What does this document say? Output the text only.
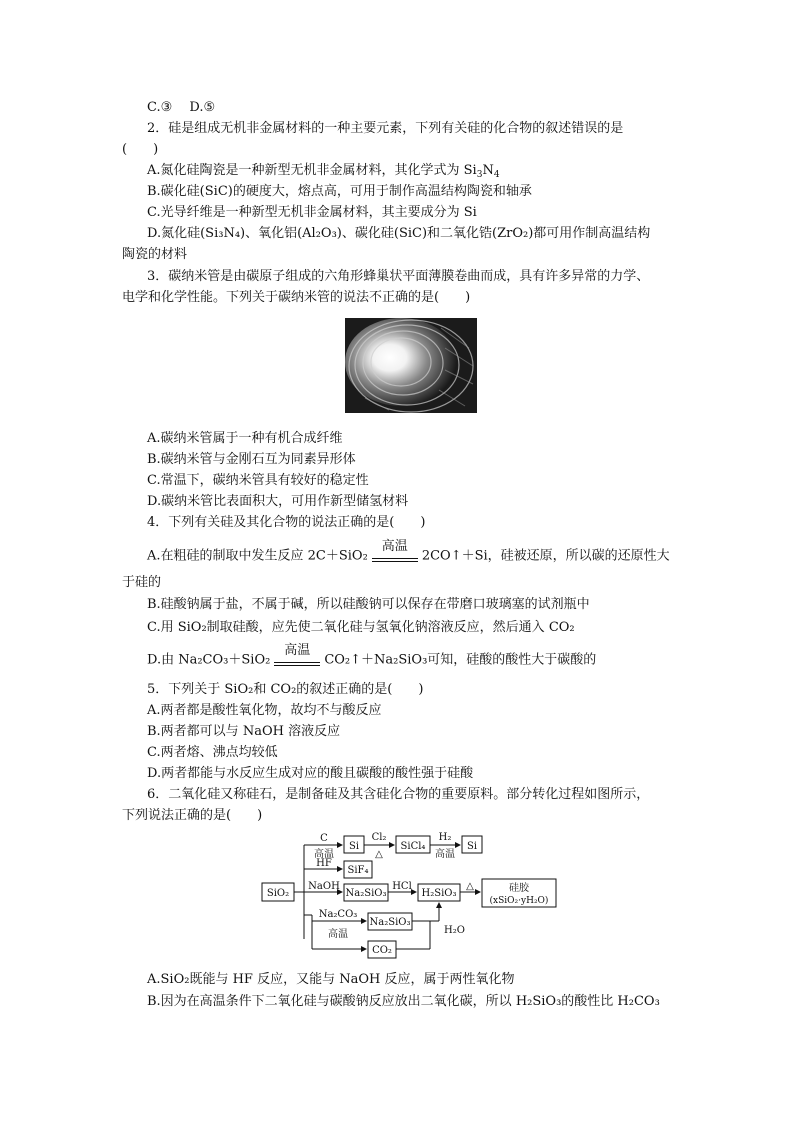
C.③　 D.⑤
2．硅是组成无机非金属材料的一种主要元素，下列有关硅的化合物的叙述错误的是
(　　)
A.氮化硅陶瓷是一种新型无机非金属材料，其化学式为 $Si_3N_4$
B.碳化硅(SiC)的硬度大，熔点高，可用于制作高温结构陶瓷和轴承
C.光导纤维是一种新型无机非金属材料，其主要成分为 Si
D.氮化硅(Si₃N₄)、氧化铝(Al₂O₃)、碳化硅(SiC)和二氧化锆(ZrO₂)都可用作制高温结构
陶瓷的材料
3．碳纳米管是由碳原子组成的六角形蜂巢状平面薄膜卷曲而成，具有许多异常的力学、
电学和化学性能。下列关于碳纳米管的说法不正确的是(　　)
A.碳纳米管属于一种有机合成纤维
B.碳纳米管与金刚石互为同素异形体
C.常温下，碳纳米管具有较好的稳定性
D.碳纳米管比表面积大，可用作新型储氢材料
4．下列有关硅及其化合物的说法正确的是(　　)
A.在粗硅的制取中发生反应 2C＋SiO₂
高温
2CO↑＋Si，硅被还原，所以碳的还原性大
于硅的
B.硅酸钠属于盐，不属于碱，所以硅酸钠可以保存在带磨口玻璃塞的试剂瓶中
C.用 SiO₂制取硅酸，应先使二氧化硅与氢氧化钠溶液反应，然后通入 CO₂
D.由 Na₂CO₃＋SiO₂
高温
CO₂↑＋Na₂SiO₃可知，硅酸的酸性大于碳酸的
5．下列关于 SiO₂和 CO₂的叙述正确的是(　　)
A.两者都是酸性氧化物，故均不与酸反应
B.两者都可以与 NaOH 溶液反应
C.两者熔、沸点均较低
D.两者都能与水反应生成对应的酸且碳酸的酸性强于硅酸
6．二氧化硅又称硅石，是制备硅及其含硅化合物的重要原料。部分转化过程如图所示，
下列说法正确的是(　　)
SiO₂
C
高温
Si
Cl₂
△
SiCl₄
H₂
高温
Si
HF
SiF₄
NaOH
Na₂SiO₃
HCl
H₂SiO₃
△	硅胶
(xSiO₂·yH₂O)
Na₂CO₃
高温
Na₂SiO₃
CO₂
H₂O
A.SiO₂既能与 HF 反应，又能与 NaOH 反应，属于两性氧化物
B.因为在高温条件下二氧化硅与碳酸钠反应放出二氧化碳，所以 H₂SiO₃的酸性比 H₂CO₃
